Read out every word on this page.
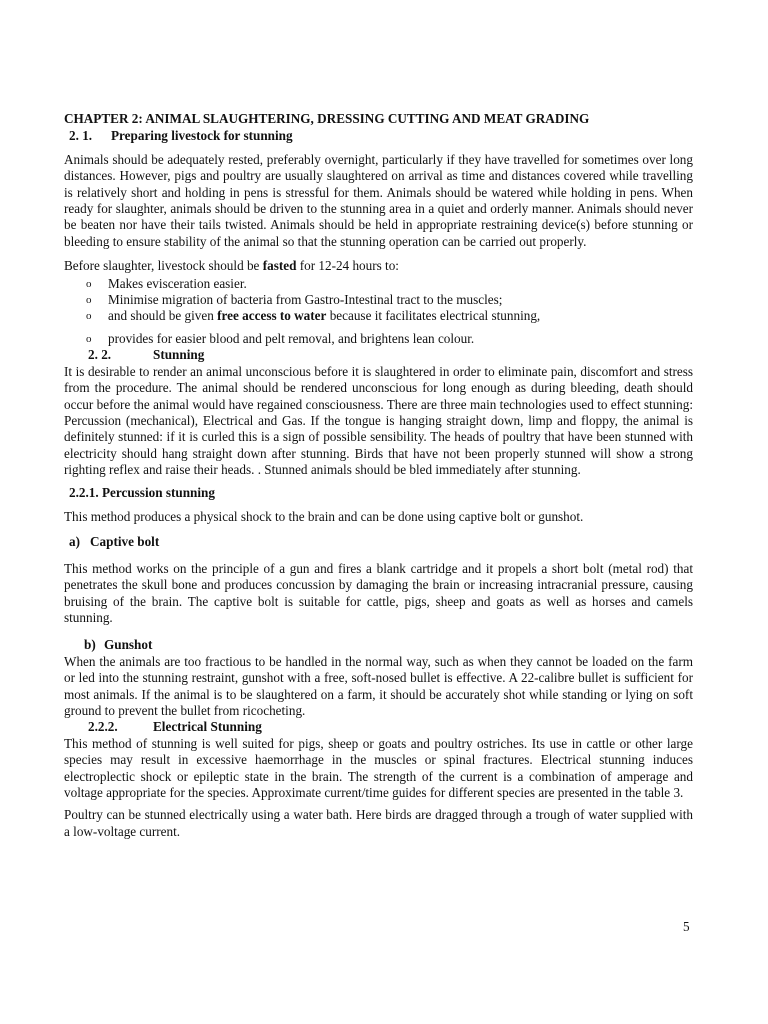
CHAPTER 2: ANIMAL SLAUGHTERING, DRESSING CUTTING AND MEAT GRADING
2. 1. Preparing livestock for stunning

Animals should be adequately rested, preferably overnight, particularly if they have travelled for sometimes over long distances. However, pigs and poultry are usually slaughtered on arrival as time and distances covered while travelling is relatively short and holding in pens is stressful for them. Animals should be watered while holding in pens. When ready for slaughter, animals should be driven to the stunning area in a quiet and orderly manner. Animals should never be beaten nor have their tails twisted. Animals should be held in appropriate restraining device(s) before stunning or bleeding to ensure stability of the animal so that the stunning operation can be carried out properly.

Before slaughter, livestock should be fasted for 12-24 hours to:

o Makes evisceration easier.
o Minimise migration of bacteria from Gastro-Intestinal tract to the muscles;
o and should be given free access to water because it facilitates electrical stunning,
o provides for easier blood and pelt removal, and brightens lean colour.
2. 2.	Stunning

It is desirable to render an animal unconscious before it is slaughtered in order to eliminate pain, discomfort and stress from the procedure. The animal should be rendered unconscious for long enough as during bleeding, death should occur before the animal would have regained consciousness. There are three main technologies used to effect stunning: Percussion (mechanical), Electrical and Gas. If the tongue is hanging straight down, limp and floppy, the animal is definitely stunned: if it is curled this is a sign of possible sensibility. The heads of poultry that have been stunned with electricity should hang straight down after stunning. Birds that have not been properly stunned will show a strong righting reflex and raise their heads. . Stunned animals should be bled immediately after stunning.

2.2.1. Percussion stunning

This method produces a physical shock to the brain and can be done using captive bolt or gunshot.

a) Captive bolt

This method works on the principle of a gun and fires a blank cartridge and it propels a short bolt (metal rod) that penetrates the skull bone and produces concussion by damaging the brain or increasing intracranial pressure, causing bruising of the brain. The captive bolt is suitable for cattle, pigs, sheep and goats as well as horses and camels stunning.

b) Gunshot

When the animals are too fractious to be handled in the normal way, such as when they cannot be loaded on the farm or led into the stunning restraint, gunshot with a free, soft-nosed bullet is effective. A 22-calibre bullet is sufficient for most animals. If the animal is to be slaughtered on a farm, it should be accurately shot while standing or lying on soft ground to prevent the bullet from ricocheting.

2.2.2.	Electrical Stunning

This method of stunning is well suited for pigs, sheep or goats and poultry ostriches. Its use in cattle or other large species may result in excessive haemorrhage in the muscles or spinal fractures. Electrical stunning induces electroplectic shock or epileptic state in the brain. The strength of the current is a combination of amperage and voltage appropriate for the species. Approximate current/time guides for different species are presented in the table 3.

Poultry can be stunned electrically using a water bath. Here birds are dragged through a trough of water supplied with a low-voltage current.

5
